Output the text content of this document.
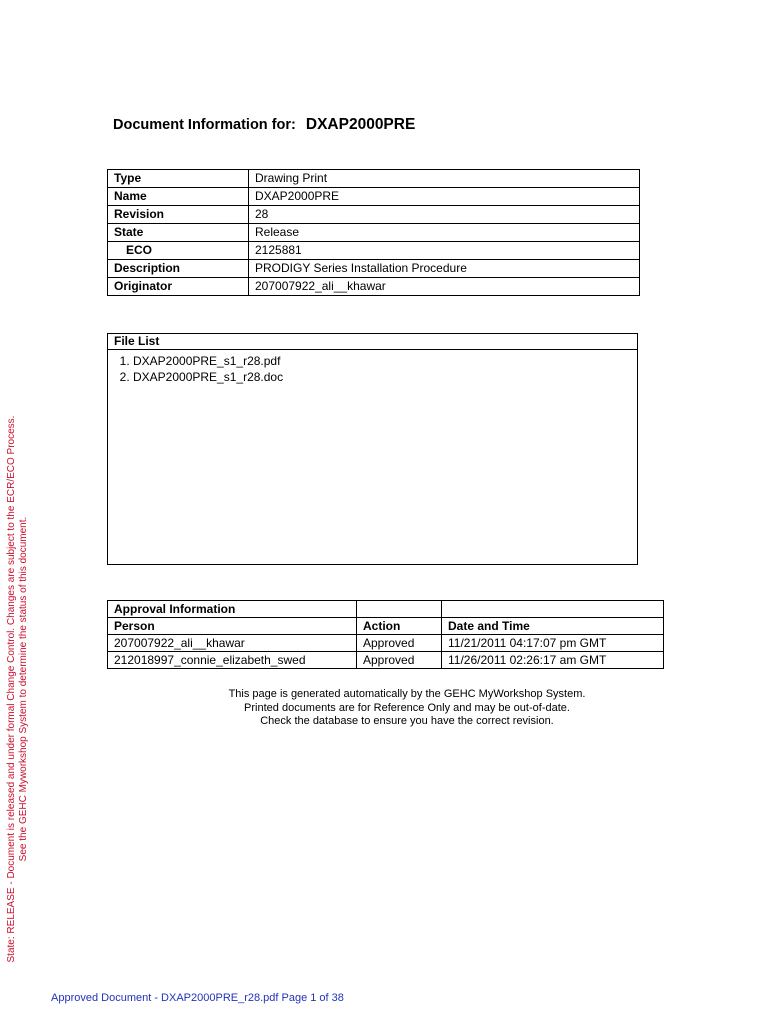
Document Information for: DXAP2000PRE
Type	Drawing Print
Name	DXAP2000PRE
Revision	28
State	Release
ECO	2125881
Description	PRODIGY Series Installation Procedure
Originator	207007922_ali__khawar
File List
1. DXAP2000PRE_s1_r28.pdf
2. DXAP2000PRE_s1_r28.doc
Approval Information		
Person	Action	Date and Time
207007922_ali__khawar	Approved	11/21/2011 04:17:07 pm GMT
212018997_connie_elizabeth_swed	Approved	11/26/2011 02:26:17 am GMT
This page is generated automatically by the GEHC MyWorkshop System.
Printed documents are for Reference Only and may be out-of-date.
Check the database to ensure you have the correct revision.
State: RELEASE - Document is released and under formal Change Control. Changes are subject to the ECR/ECO Process. See the GEHC Myworkshop System to determine the status of this document.
Approved Document - DXAP2000PRE_r28.pdf Page 1 of 38
